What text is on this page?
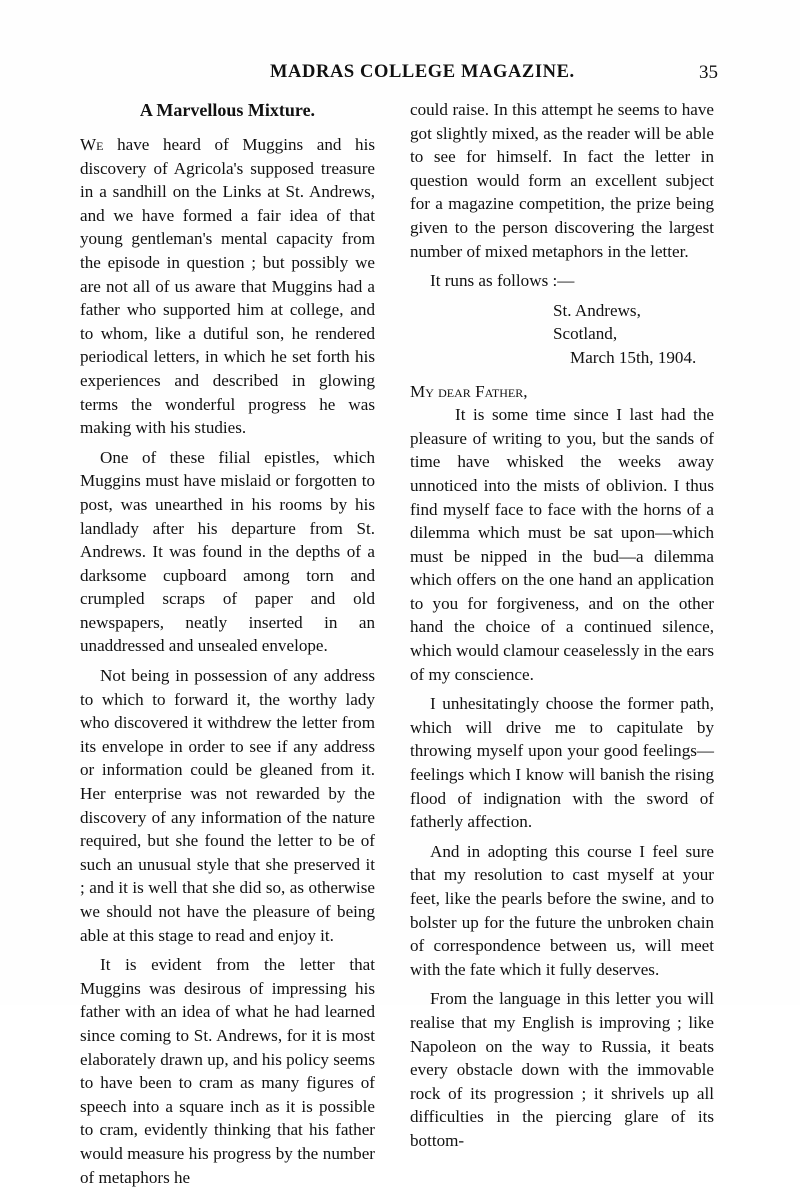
MADRAS COLLEGE MAGAZINE.	35
A Marvellous Mixture.

We have heard of Muggins and his discovery of Agricola's supposed treasure in a sandhill on the Links at St. Andrews, and we have formed a fair idea of that young gentleman's mental capacity from the episode in question ; but possibly we are not all of us aware that Muggins had a father who supported him at college, and to whom, like a dutiful son, he rendered periodical letters, in which he set forth his experiences and described in glowing terms the wonderful progress he was making with his studies.

One of these filial epistles, which Muggins must have mislaid or forgotten to post, was unearthed in his rooms by his landlady after his departure from St. Andrews. It was found in the depths of a darksome cupboard among torn and crumpled scraps of paper and old newspapers, neatly inserted in an unaddressed and unsealed envelope.

Not being in possession of any address to which to forward it, the worthy lady who discovered it withdrew the letter from its envelope in order to see if any address or information could be gleaned from it. Her enterprise was not rewarded by the discovery of any information of the nature required, but she found the letter to be of such an unusual style that she preserved it ; and it is well that she did so, as otherwise we should not have the pleasure of being able at this stage to read and enjoy it.

It is evident from the letter that Muggins was desirous of impressing his father with an idea of what he had learned since coming to St. Andrews, for it is most elaborately drawn up, and his policy seems to have been to cram as many figures of speech into a square inch as it is possible to cram, evidently thinking that his father would measure his progress by the number of metaphors he

could raise. In this attempt he seems to have got slightly mixed, as the reader will be able to see for himself. In fact the letter in question would form an excellent subject for a magazine competition, the prize being given to the person discovering the largest number of mixed metaphors in the letter.

It runs as follows :—

St. Andrews,
Scotland,
March 15th, 1904.

My dear Father,

It is some time since I last had the pleasure of writing to you, but the sands of time have whisked the weeks away unnoticed into the mists of oblivion. I thus find myself face to face with the horns of a dilemma which must be sat upon—which must be nipped in the bud—a dilemma which offers on the one hand an application to you for forgiveness, and on the other hand the choice of a continued silence, which would clamour ceaselessly in the ears of my conscience.

I unhesitatingly choose the former path, which will drive me to capitulate by throwing myself upon your good feelings—feelings which I know will banish the rising flood of indignation with the sword of fatherly affection.

And in adopting this course I feel sure that my resolution to cast myself at your feet, like the pearls before the swine, and to bolster up for the future the unbroken chain of correspondence between us, will meet with the fate which it fully deserves.

From the language in this letter you will realise that my English is improving ; like Napoleon on the way to Russia, it beats every obstacle down with the immovable rock of its progression ; it shrivels up all difficulties in the piercing glare of its bottom-
